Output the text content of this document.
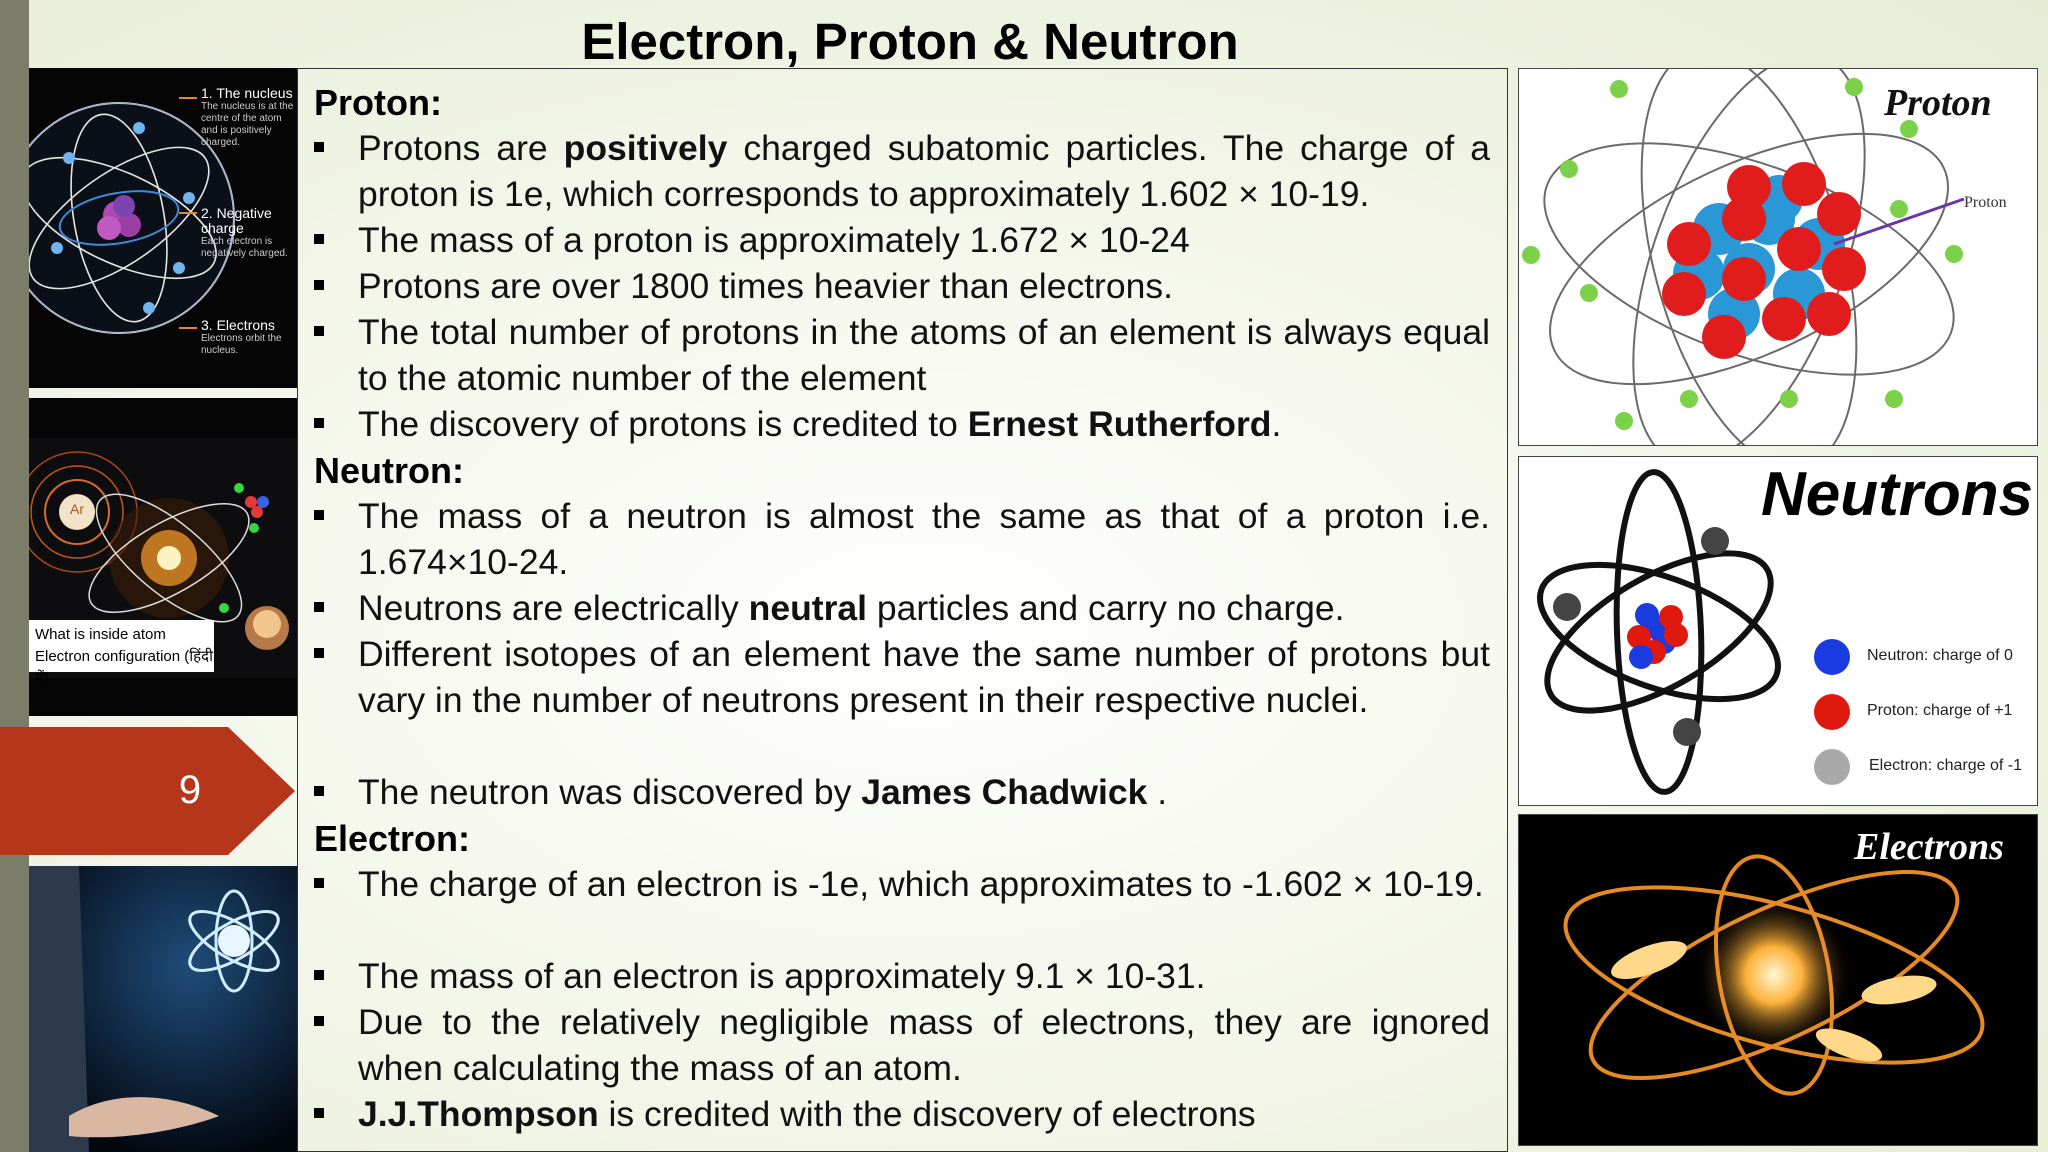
Electron, Proton & Neutron
1. The nucleus
The nucleus is at the centre of the atom and is positively charged.
2. Negative charge
Each electron is negatively charged.
3. Electrons
Electrons orbit the nucleus.
What is inside atom
Electron configuration (हिंदी में)
Ar
9
Proton:
Protons are positively charged subatomic particles. The charge of a proton is 1e, which corresponds to approximately 1.602 × 10-19.
The mass of a proton is approximately 1.672 × 10-24
Protons are over 1800 times heavier than electrons.
The total number of protons in the atoms of an element is always equal to the atomic number of the element
The discovery of protons is credited to Ernest Rutherford.
Neutron:
The mass of a neutron is almost the same as that of a proton i.e. 1.674×10-24.
Neutrons are electrically neutral particles and carry no charge.
Different isotopes of an element have the same number of protons but vary in the number of neutrons present in their respective nuclei.
The neutron was discovered by James Chadwick .
Electron:
The charge of an electron is -1e, which approximates to -1.602 × 10-19.
The mass of an electron is approximately 9.1 × 10-31.
Due to the relatively negligible mass of electrons, they are ignored when calculating the mass of an atom.
J.J.Thompson is credited with the discovery of electrons
Proton
Proton
Neutrons
Neutron: charge of 0
Proton: charge of +1
Electron: charge of -1
Electrons
